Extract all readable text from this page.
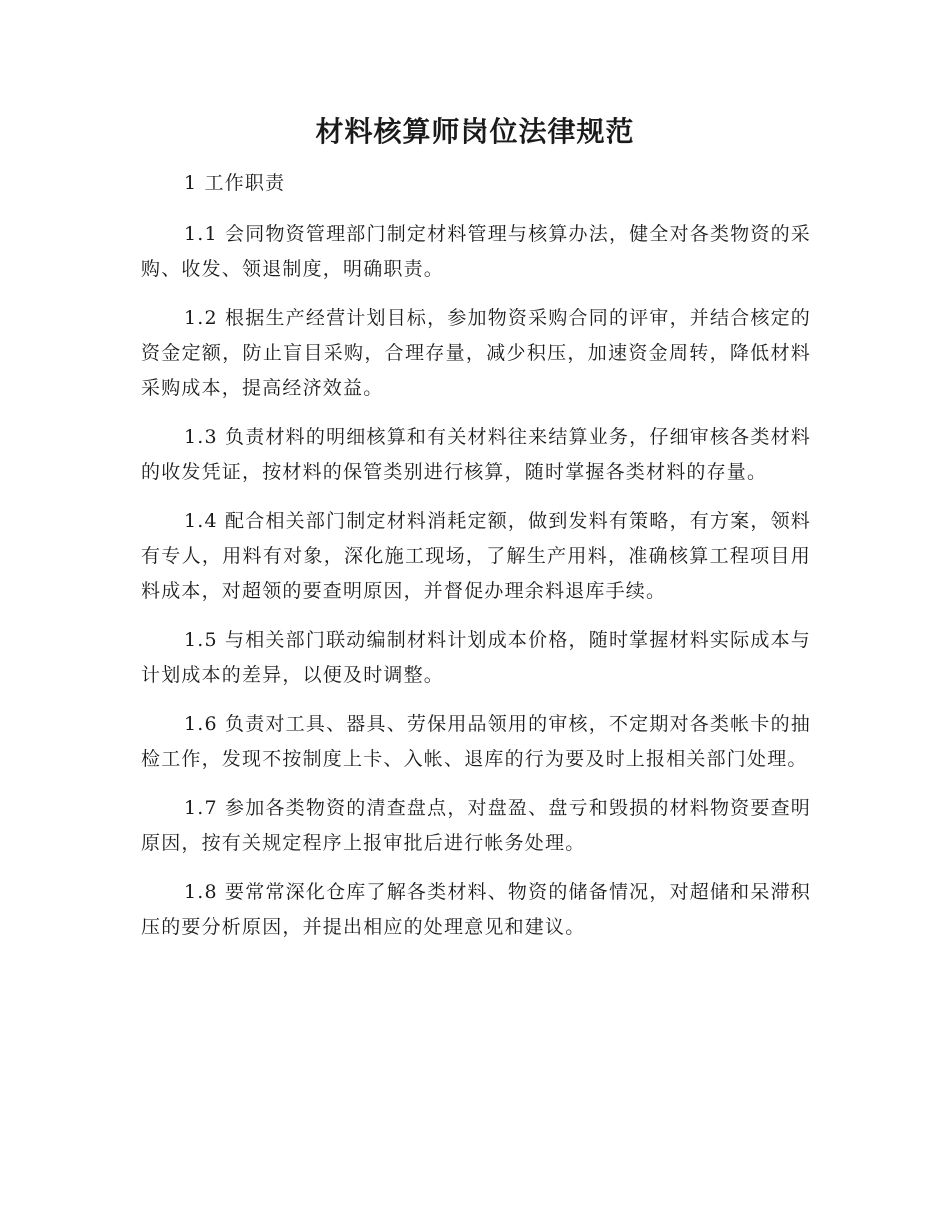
材料核算师岗位法律规范

1 工作职责

1.1 会同物资管理部门制定材料管理与核算办法，健全对各类物资的采购、收发、领退制度，明确职责。

1.2 根据生产经营计划目标，参加物资采购合同的评审，并结合核定的资金定额，防止盲目采购，合理存量，减少积压，加速资金周转，降低材料采购成本，提高经济效益。

1.3 负责材料的明细核算和有关材料往来结算业务，仔细审核各类材料的收发凭证，按材料的保管类别进行核算，随时掌握各类材料的存量。

1.4 配合相关部门制定材料消耗定额，做到发料有策略，有方案，领料有专人，用料有对象，深化施工现场，了解生产用料，准确核算工程项目用料成本，对超领的要查明原因，并督促办理余料退库手续。

1.5 与相关部门联动编制材料计划成本价格，随时掌握材料实际成本与计划成本的差异，以便及时调整。

1.6 负责对工具、器具、劳保用品领用的审核，不定期对各类帐卡的抽检工作，发现不按制度上卡、入帐、退库的行为要及时上报相关部门处理。

1.7 参加各类物资的清查盘点，对盘盈、盘亏和毁损的材料物资要查明原因，按有关规定程序上报审批后进行帐务处理。

1.8 要常常深化仓库了解各类材料、物资的储备情况，对超储和呆滞积压的要分析原因，并提出相应的处理意见和建议。
